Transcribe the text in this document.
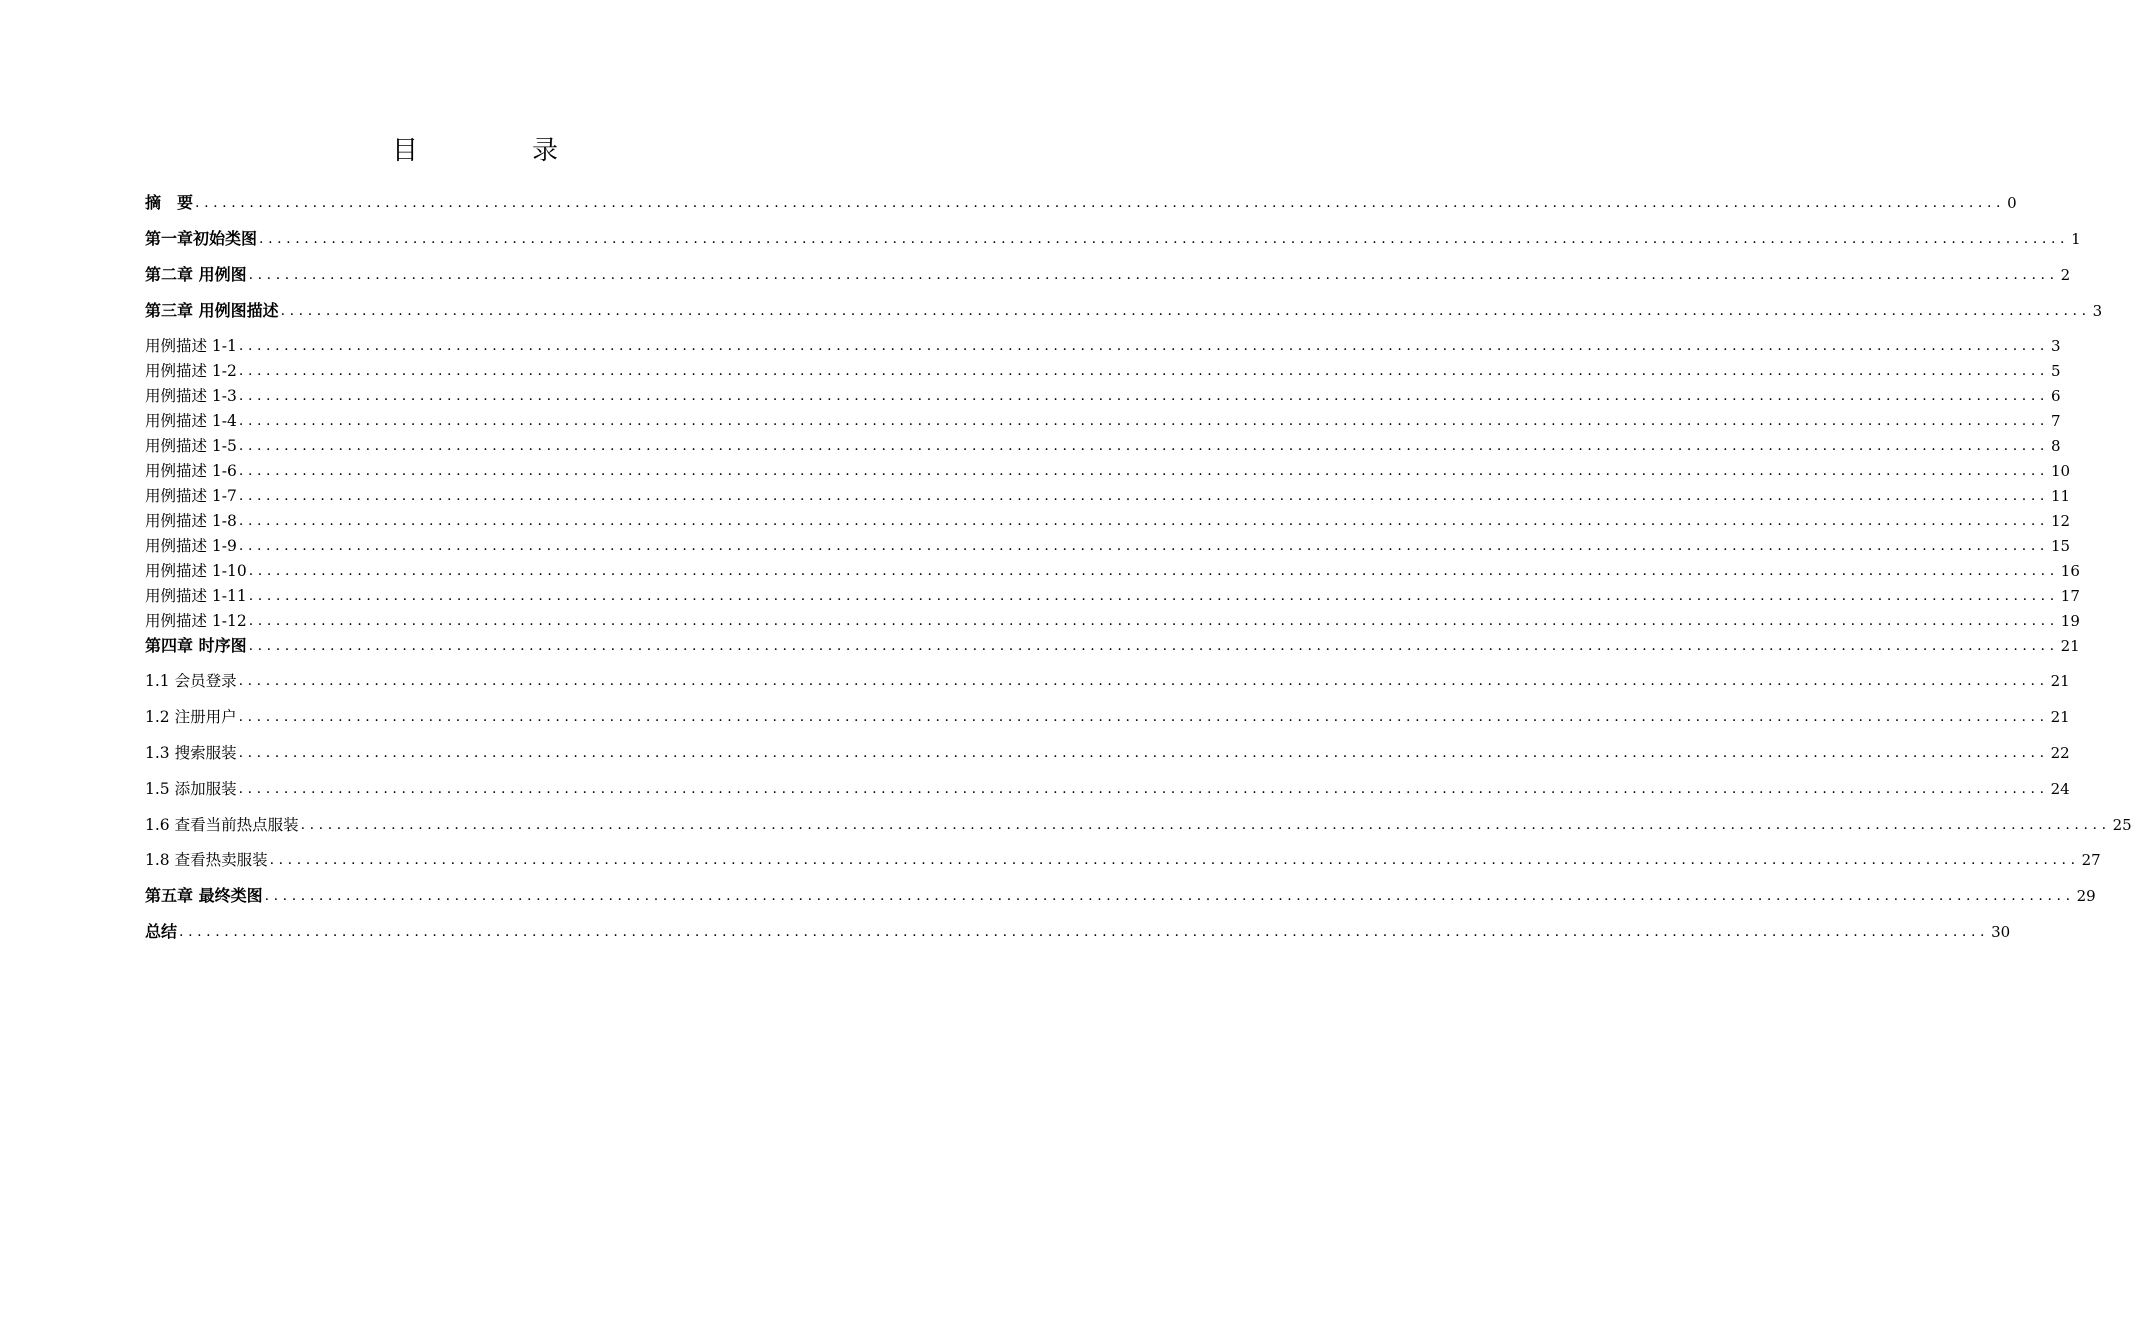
目　录
摘　要 ........................................................................................................................................................................................................ 0
第一章初始类图 ........................................................................................................................................................................................................ 1
第二章 用例图 ........................................................................................................................................................................................................ 2
第三章 用例图描述 ........................................................................................................................................................................................................ 3
用例描述 1-1 ........................................................................................................................................................................................................ 3
用例描述 1-2 ........................................................................................................................................................................................................ 5
用例描述 1-3 ........................................................................................................................................................................................................ 6
用例描述 1-4 ........................................................................................................................................................................................................ 7
用例描述 1-5 ........................................................................................................................................................................................................ 8
用例描述 1-6 ........................................................................................................................................................................................................ 10
用例描述 1-7 ........................................................................................................................................................................................................ 11
用例描述 1-8 ........................................................................................................................................................................................................ 12
用例描述 1-9 ........................................................................................................................................................................................................ 15
用例描述 1-10 ........................................................................................................................................................................................................ 16
用例描述 1-11 ........................................................................................................................................................................................................ 17
用例描述 1-12 ........................................................................................................................................................................................................ 19
第四章 时序图 ........................................................................................................................................................................................................ 21
1.1 会员登录 ........................................................................................................................................................................................................ 21
1.2 注册用户 ........................................................................................................................................................................................................ 21
1.3 搜索服装 ........................................................................................................................................................................................................ 22
1.5 添加服装 ........................................................................................................................................................................................................ 24
1.6 查看当前热点服装 ........................................................................................................................................................................................................ 25
1.8 查看热卖服装 ........................................................................................................................................................................................................ 27
第五章 最终类图 ........................................................................................................................................................................................................ 29
总结 ........................................................................................................................................................................................................ 30
